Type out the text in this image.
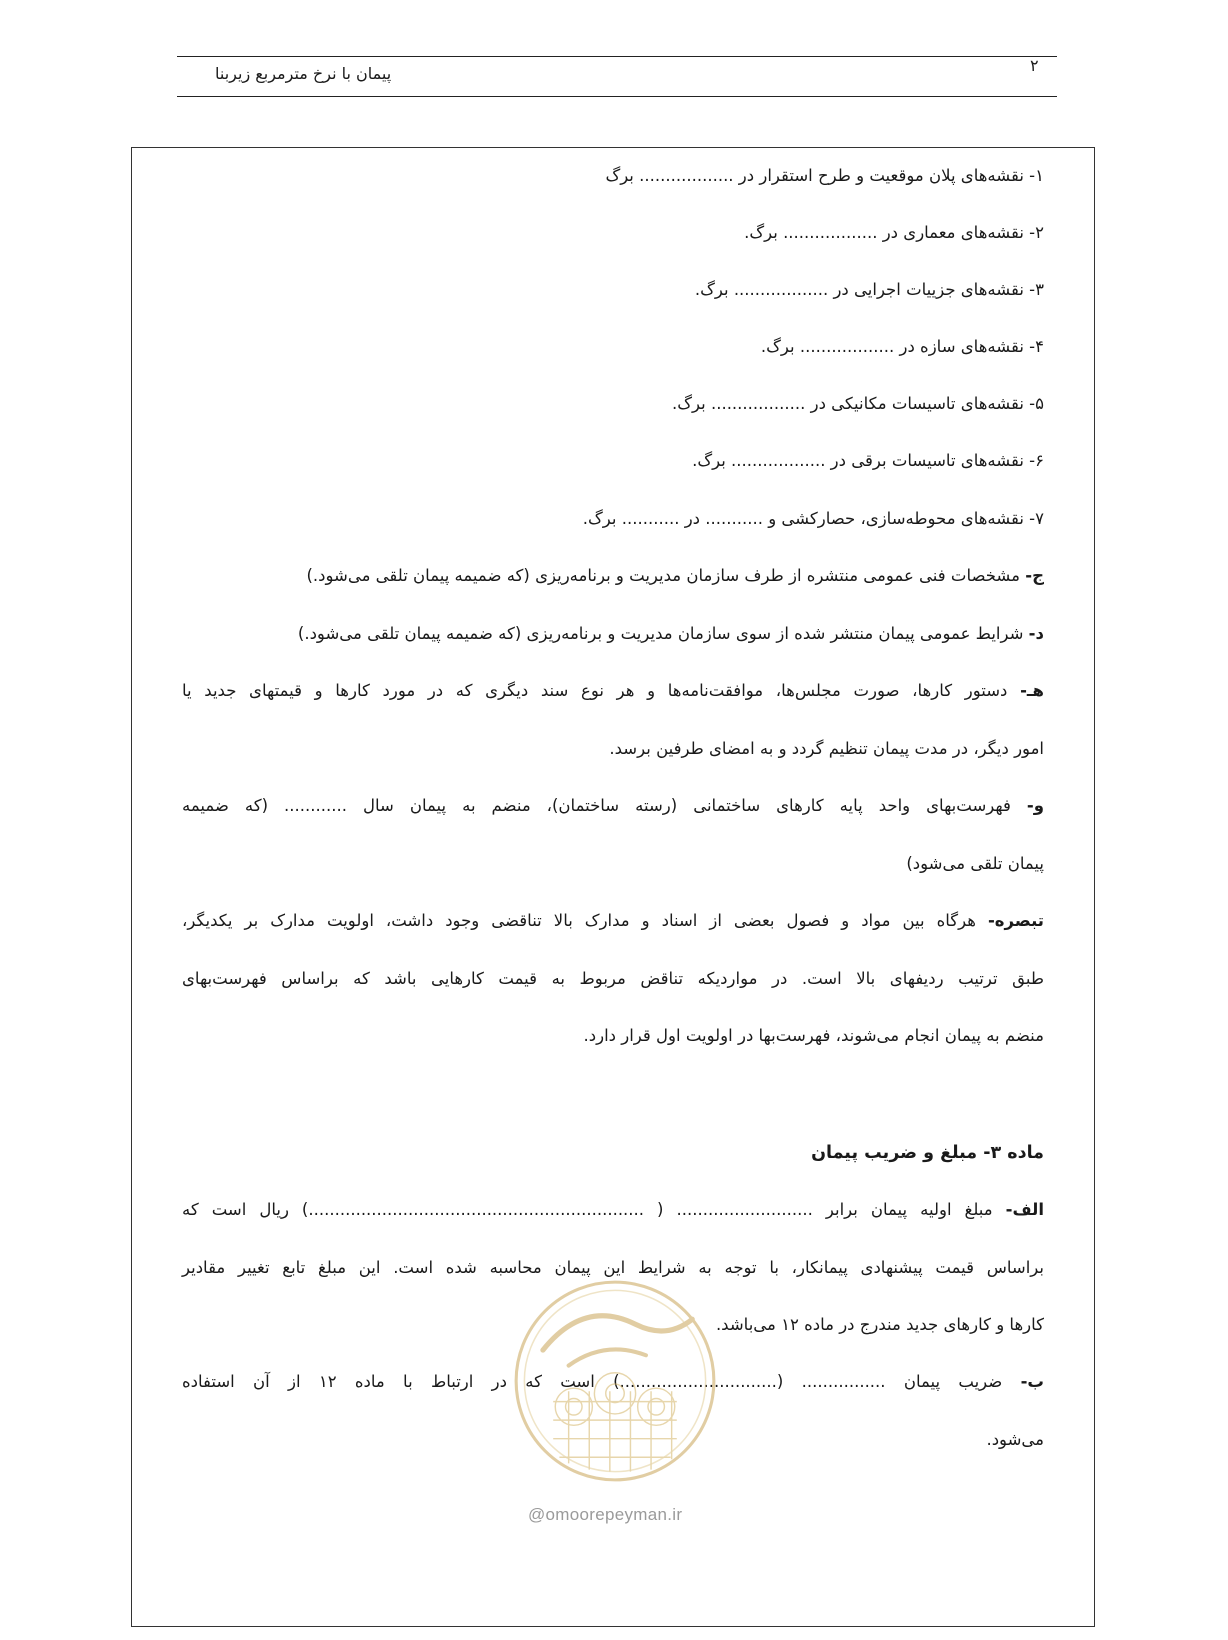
پیمان با نرخ مترمربع زیربنا	۲
۱- نقشه‌های پلان موقعیت و طرح استقرار در .................. برگ
۲- نقشه‌های معماری در .................. برگ.
۳- نقشه‌های جزییات اجرایی در .................. برگ.
۴- نقشه‌های سازه در .................. برگ.
۵- نقشه‌های تاسیسات مکانیکی در .................. برگ.
۶- نقشه‌های تاسیسات برقی در .................. برگ.
۷- نقشه‌های محوطه‌سازی، حصارکشی و ........... در ........... برگ.
ج- مشخصات فنی عمومی منتشره از طرف سازمان مدیریت و برنامه‌ریزی (که ضمیمه پیمان تلقی می‌شود.)
د- شرایط عمومی پیمان منتشر شده از سوی سازمان مدیریت و برنامه‌ریزی (که ضمیمه پیمان تلقی می‌شود.)
هـ- دستور کارها، صورت مجلس‌ها، موافقت‌نامه‌ها و هر نوع سند دیگری که در مورد کارها و قیمتهای جدید یا
امور دیگر، در مدت پیمان تنظیم گردد و به امضای طرفین برسد.
و- فهرست‌بهای واحد پایه کارهای ساختمانی (رسته ساختمان)، منضم به پیمان سال ............ (که ضمیمه
پیمان تلقی می‌شود)
تبصره- هرگاه بین مواد و فصول بعضی از اسناد و مدارک بالا تناقضی وجود داشت، اولویت مدارک بر یکدیگر،
طبق ترتیب ردیفهای بالا است. در مواردیکه تناقض مربوط به قیمت کارهایی باشد که براساس فهرست‌بهای
منضم به پیمان انجام می‌شوند، فهرست‌بها در اولویت اول قرار دارد.
ماده ۳- مبلغ و ضریب پیمان
الف- مبلغ اولیه پیمان برابر .......................... ( ................................................................) ریال است که
براساس قیمت پیشنهادی پیمانکار، با توجه به شرایط این پیمان محاسبه شده است. این مبلغ تابع تغییر مقادیر
کارها و کارهای جدید مندرج در ماده ۱۲ می‌باشد.
ب- ضریب پیمان ................ (..............................) است که در ارتباط با ماده ۱۲ از آن استفاده
می‌شود.
@omoorepeyman.ir
